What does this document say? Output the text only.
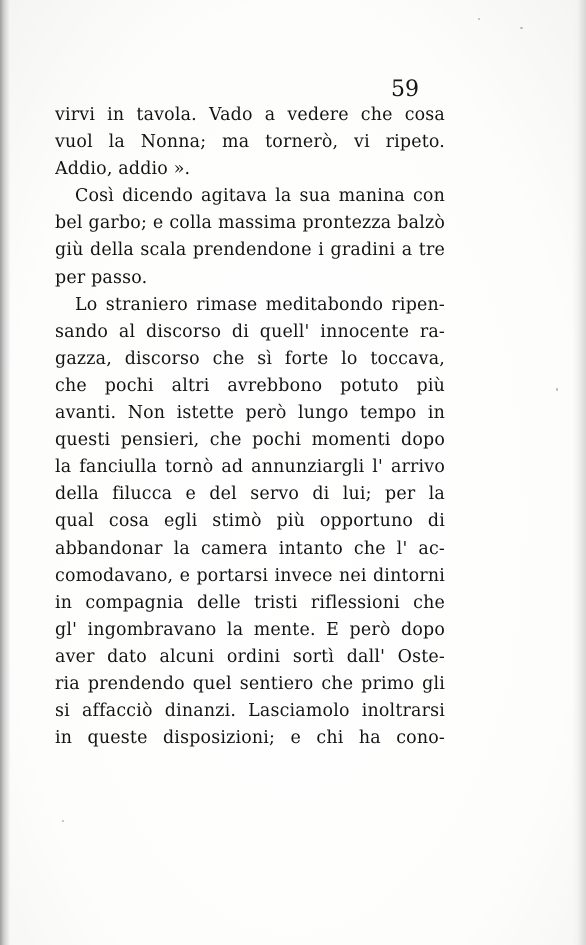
59
virvi in tavola. Vado a vedere che cosa
vuol la Nonna; ma tornerò, vi ripeto.
Addio, addio ».
Così dicendo agitava la sua manina con
bel garbo; e colla massima prontezza balzò
giù della scala prendendone i gradini a tre
per passo.
Lo straniero rimase meditabondo ripen-
sando al discorso di quell' innocente ra-
gazza, discorso che sì forte lo toccava,
che pochi altri avrebbono potuto più
avanti. Non istette però lungo tempo in
questi pensieri, che pochi momenti dopo
la fanciulla tornò ad annunziargli l' arrivo
della filucca e del servo di lui; per la
qual cosa egli stimò più opportuno di
abbandonar la camera intanto che l' ac-
comodavano, e portarsi invece nei dintorni
in compagnia delle tristi riflessioni che
gl' ingombravano la mente. E però dopo
aver dato alcuni ordini sortì dall' Oste-
ria prendendo quel sentiero che primo gli
si affacciò dinanzi. Lasciamolo inoltrarsi
in queste disposizioni; e chi ha cono-
